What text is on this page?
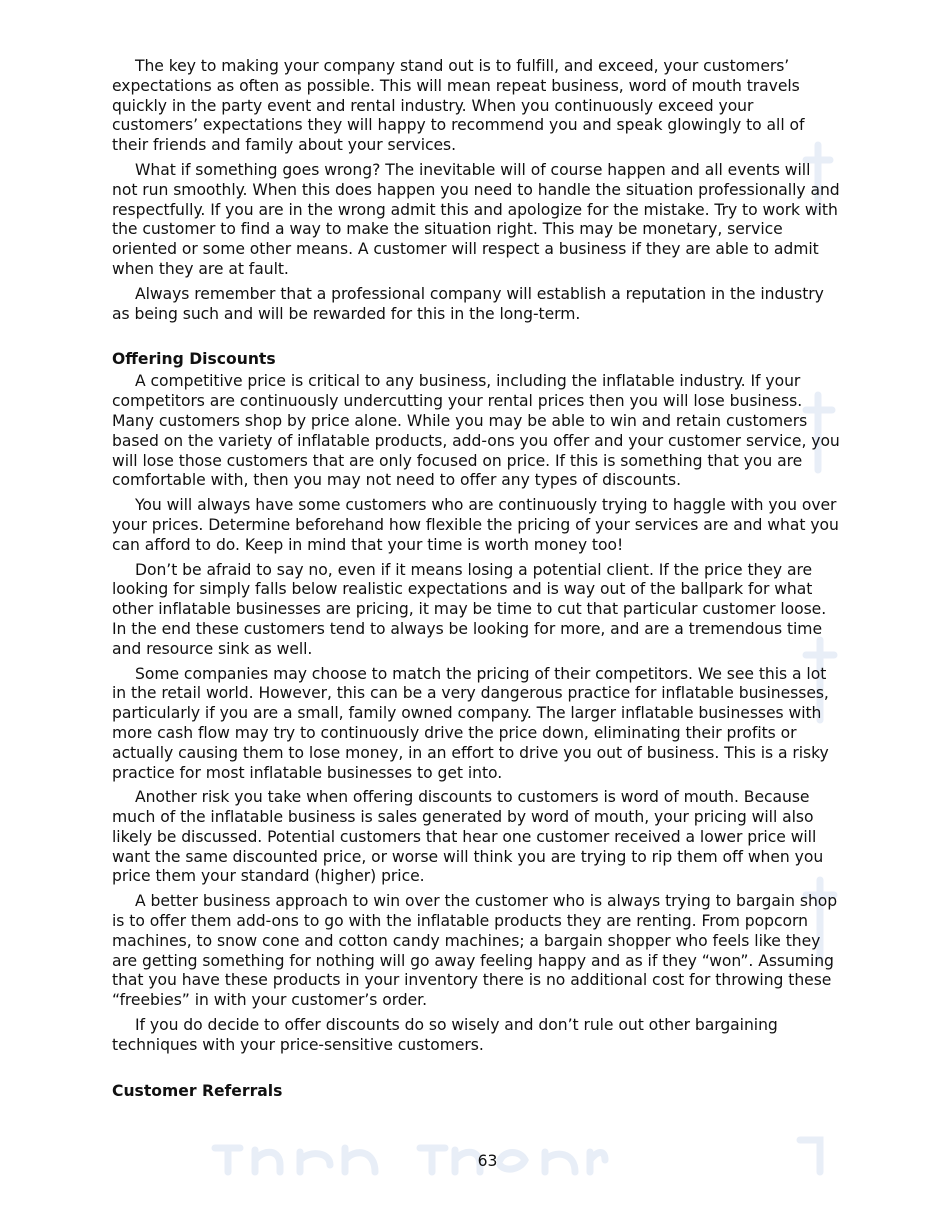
The key to making your company stand out is to fulfill, and exceed, your customers’ expectations as often as possible. This will mean repeat business, word of mouth travels quickly in the party event and rental industry. When you continuously exceed your customers’ expectations they will happy to recommend you and speak glowingly to all of their friends and family about your services.

What if something goes wrong? The inevitable will of course happen and all events will not run smoothly. When this does happen you need to handle the situation professionally and respectfully. If you are in the wrong admit this and apologize for the mistake. Try to work with the customer to find a way to make the situation right. This may be monetary, service oriented or some other means. A customer will respect a business if they are able to admit when they are at fault.

Always remember that a professional company will establish a reputation in the industry as being such and will be rewarded for this in the long-term.

Offering Discounts

A competitive price is critical to any business, including the inflatable industry. If your competitors are continuously undercutting your rental prices then you will lose business. Many customers shop by price alone. While you may be able to win and retain customers based on the variety of inflatable products, add-ons you offer and your customer service, you will lose those customers that are only focused on price. If this is something that you are comfortable with, then you may not need to offer any types of discounts.

You will always have some customers who are continuously trying to haggle with you over your prices. Determine beforehand how flexible the pricing of your services are and what you can afford to do. Keep in mind that your time is worth money too!

Don’t be afraid to say no, even if it means losing a potential client. If the price they are looking for simply falls below realistic expectations and is way out of the ballpark for what other inflatable businesses are pricing, it may be time to cut that particular customer loose. In the end these customers tend to always be looking for more, and are a tremendous time and resource sink as well.

Some companies may choose to match the pricing of their competitors. We see this a lot in the retail world. However, this can be a very dangerous practice for inflatable businesses, particularly if you are a small, family owned company. The larger inflatable businesses with more cash flow may try to continuously drive the price down, eliminating their profits or actually causing them to lose money, in an effort to drive you out of business. This is a risky practice for most inflatable businesses to get into.

Another risk you take when offering discounts to customers is word of mouth. Because much of the inflatable business is sales generated by word of mouth, your pricing will also likely be discussed. Potential customers that hear one customer received a lower price will want the same discounted price, or worse will think you are trying to rip them off when you price them your standard (higher) price.

A better business approach to win over the customer who is always trying to bargain shop is to offer them add-ons to go with the inflatable products they are renting. From popcorn machines, to snow cone and cotton candy machines; a bargain shopper who feels like they are getting something for nothing will go away feeling happy and as if they “won”. Assuming that you have these products in your inventory there is no additional cost for throwing these “freebies” in with your customer’s order.

If you do decide to offer discounts do so wisely and don’t rule out other bargaining techniques with your price-sensitive customers.

Customer Referrals
63
